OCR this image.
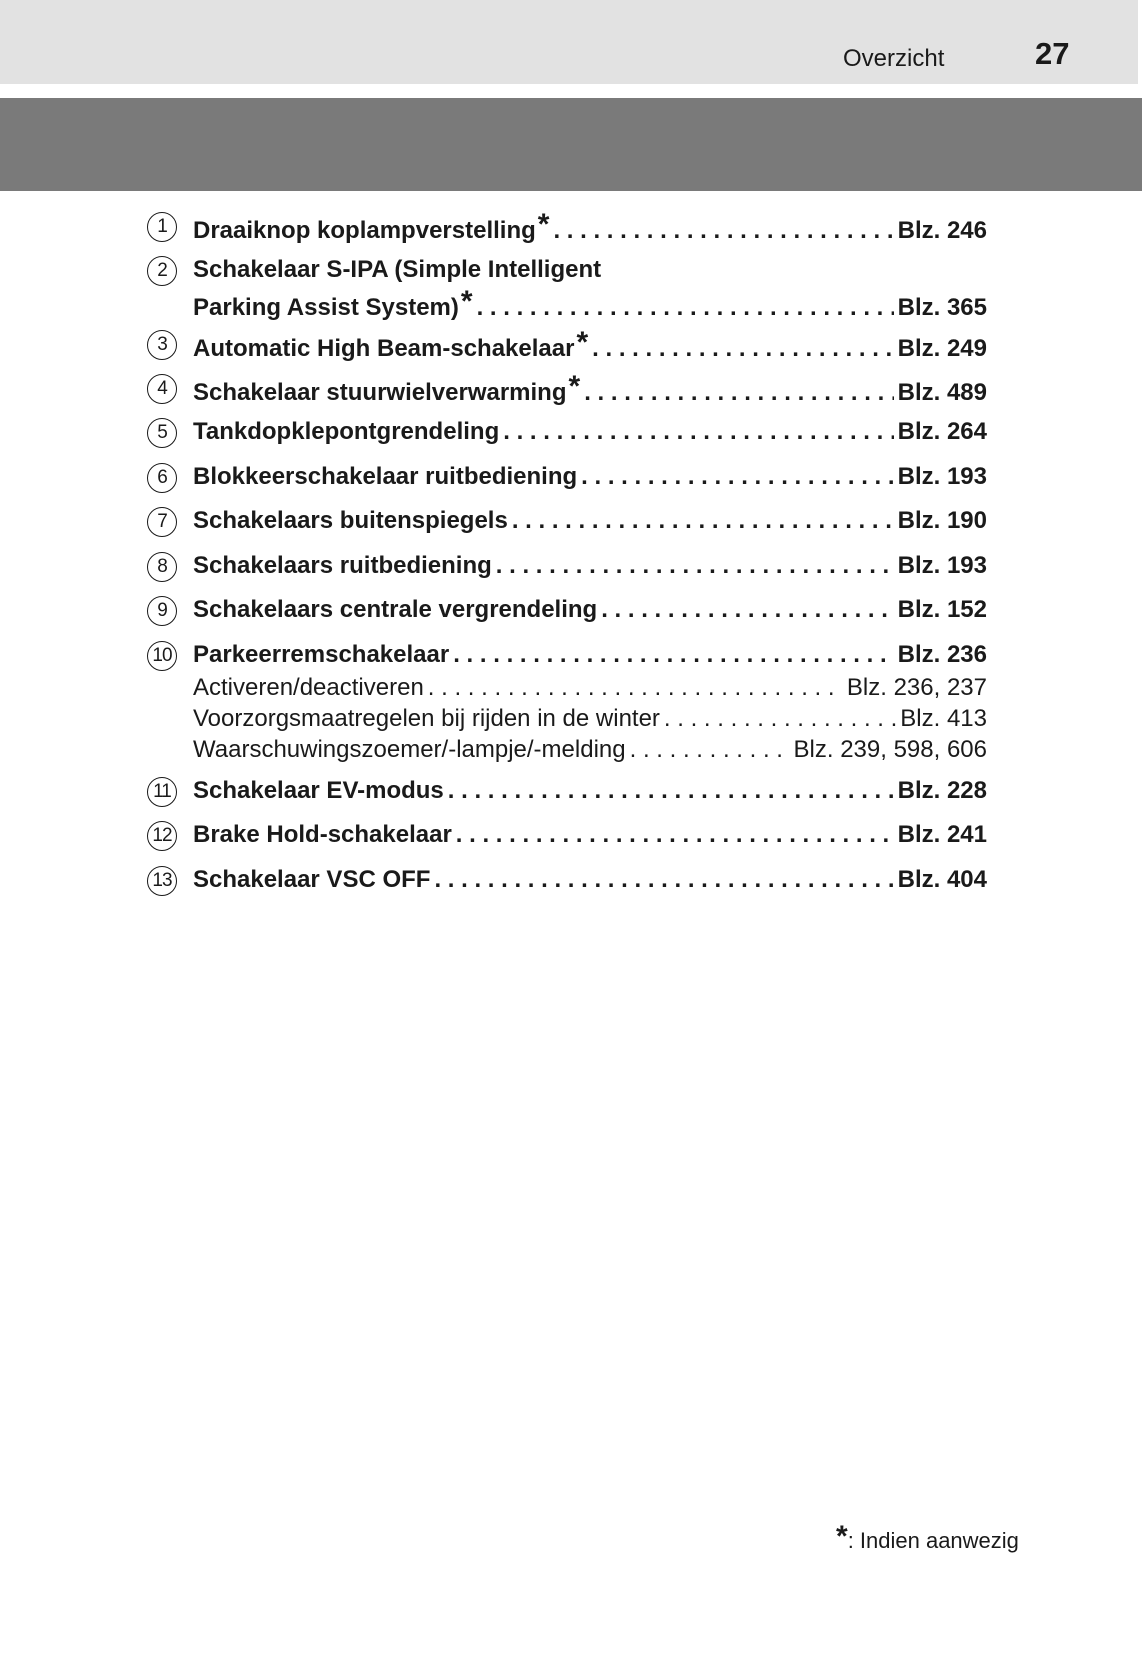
Overzicht	27
1	Draaiknop koplampverstelling * . . .	Blz. 246
2	Schakelaar S-IPA (Simple Intelligent
Parking Assist System) * . . .	Blz. 365
3	Automatic High Beam-schakelaar * . . .	Blz. 249
4	Schakelaar stuurwielverwarming * . . .	Blz. 489
5	Tankdopklepontgrendeling . . .	Blz. 264
6	Blokkeerschakelaar ruitbediening . . .	Blz. 193
7	Schakelaars buitenspiegels . . .	Blz. 190
8	Schakelaars ruitbediening . . .	Blz. 193
9	Schakelaars centrale vergrendeling . . .	Blz. 152
10 Parkeerremschakelaar . . .	Blz. 236
Activeren/deactiveren . . .	Blz. 236, 237
Voorzorgsmaatregelen bij rijden in de winter . . .	Blz. 413
Waarschuwingszoemer/-lampje/-melding . . .	Blz. 239, 598, 606
11 Schakelaar EV-modus . . .	Blz. 228
12 Brake Hold-schakelaar . . .	Blz. 241
13 Schakelaar VSC OFF . . .	Blz. 404
*: Indien aanwezig
